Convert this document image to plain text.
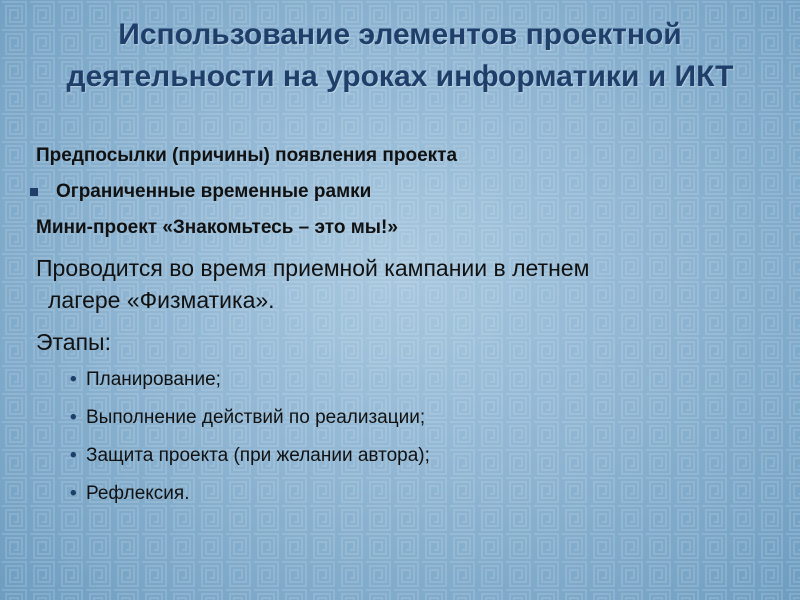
Использование элементов проектной деятельности на уроках информатики и ИКТ
Предпосылки (причины) появления проекта
Ограниченные временные рамки
Мини-проект «Знакомьтесь – это мы!»
Проводится во время приемной кампании в летнем
лагере «Физматика».
Этапы:
• Планирование;
• Выполнение действий по реализации;
• Защита проекта (при желании автора);
• Рефлексия.
